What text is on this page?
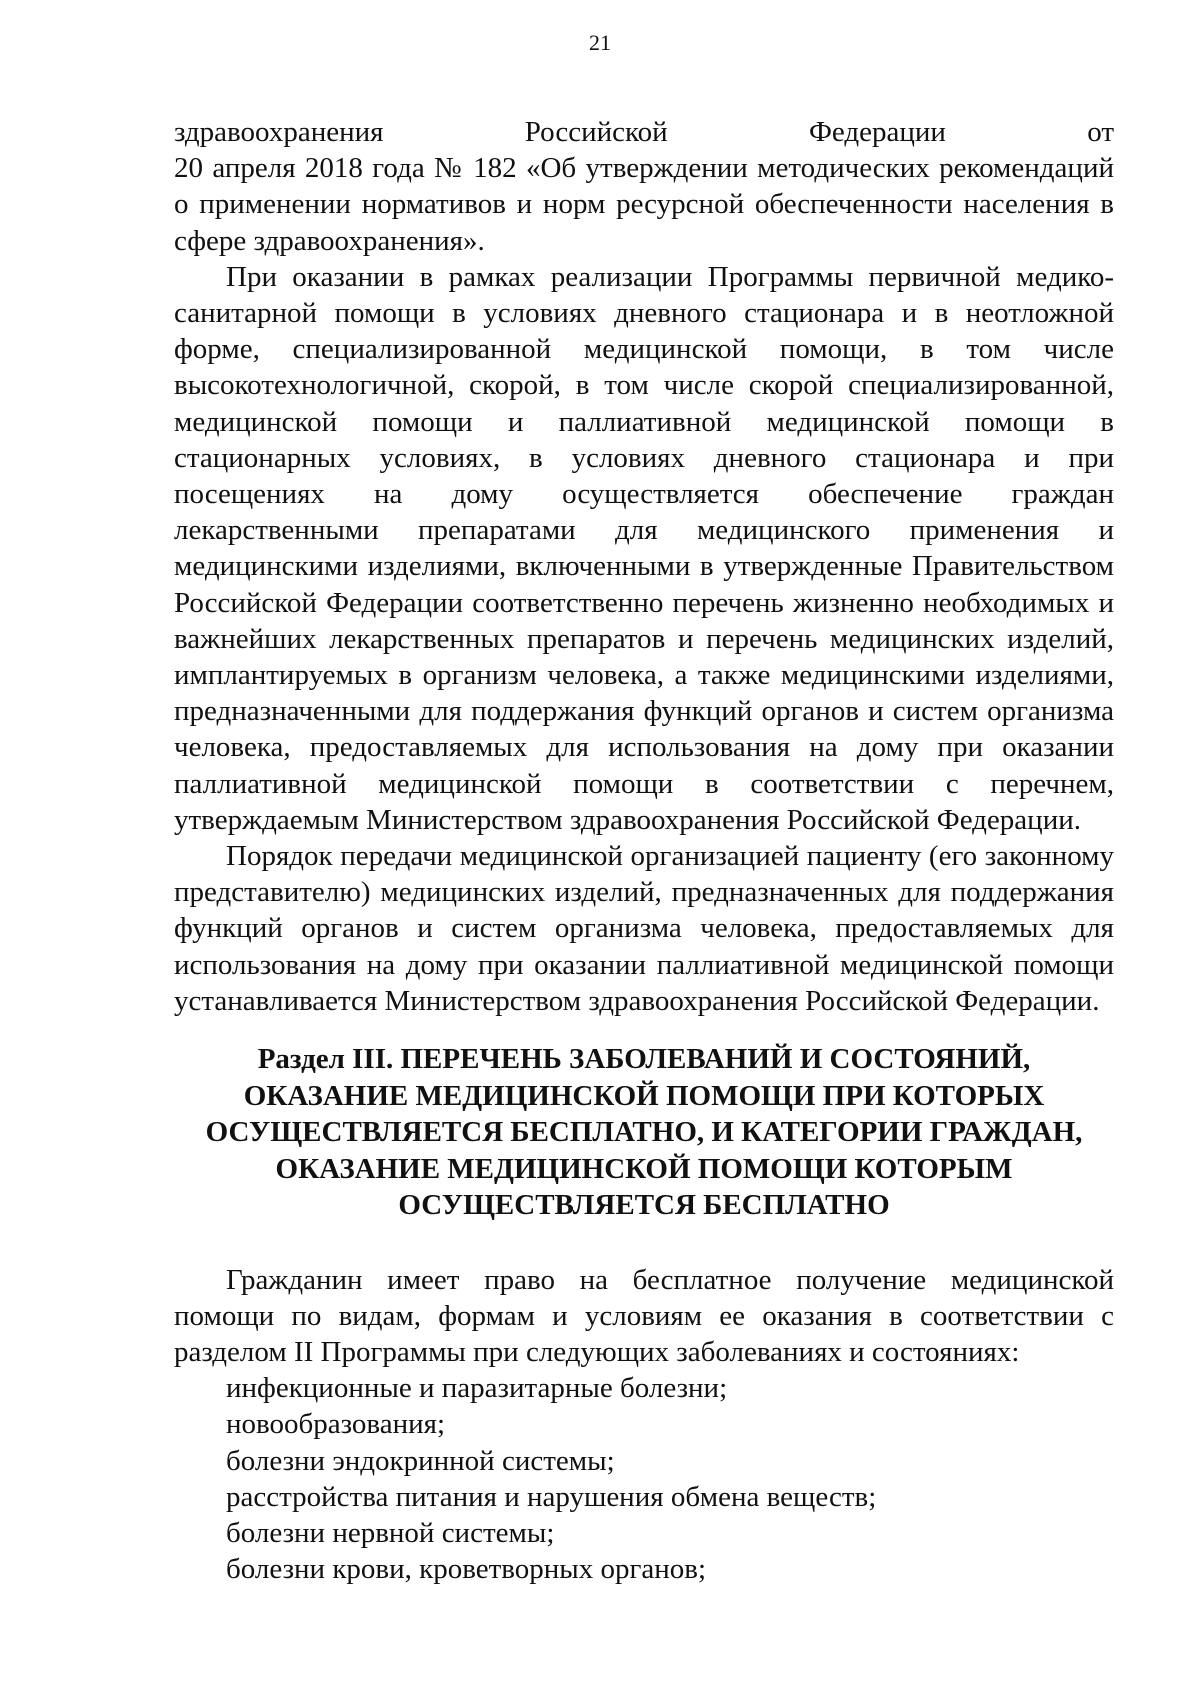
21
здравоохранения Российской Федерации от

20 апреля 2018 года № 182 «Об утверждении методических рекомендаций о применении нормативов и норм ресурсной обеспеченности населения в сфере здравоохранения».

При оказании в рамках реализации Программы первичной медико-санитарной помощи в условиях дневного стационара и в неотложной форме, специализированной медицинской помощи, в том числе высокотехнологичной, скорой, в том числе скорой специализированной, медицинской помощи и паллиативной медицинской помощи в стационарных условиях, в условиях дневного стационара и при посещениях на дому осуществляется обеспечение граждан лекарственными препаратами для медицинского применения и медицинскими изделиями, включенными в утвержденные Правительством Российской Федерации соответственно перечень жизненно необходимых и важнейших лекарственных препаратов и перечень медицинских изделий, имплантируемых в организм человека, а также медицинскими изделиями, предназначенными для поддержания функций органов и систем организма человека, предоставляемых для использования на дому при оказании паллиативной медицинской помощи в соответствии с перечнем, утверждаемым Министерством здравоохранения Российской Федерации.

Порядок передачи медицинской организацией пациенту (его законному представителю) медицинских изделий, предназначенных для поддержания функций органов и систем организма человека, предоставляемых для использования на дому при оказании паллиативной медицинской помощи устанавливается Министерством здравоохранения Российской Федерации.

Раздел III. ПЕРЕЧЕНЬ ЗАБОЛЕВАНИЙ И СОСТОЯНИЙ, ОКАЗАНИЕ МЕДИЦИНСКОЙ ПОМОЩИ ПРИ КОТОРЫХ ОСУЩЕСТВЛЯЕТСЯ БЕСПЛАТНО, И КАТЕГОРИИ ГРАЖДАН, ОКАЗАНИЕ МЕДИЦИНСКОЙ ПОМОЩИ КОТОРЫМ ОСУЩЕСТВЛЯЕТСЯ БЕСПЛАТНО

Гражданин имеет право на бесплатное получение медицинской помощи по видам, формам и условиям ее оказания в соответствии с разделом II Программы при следующих заболеваниях и состояниях:

инфекционные и паразитарные болезни;
новообразования;
болезни эндокринной системы;
расстройства питания и нарушения обмена веществ;
болезни нервной системы;
болезни крови, кроветворных органов;
